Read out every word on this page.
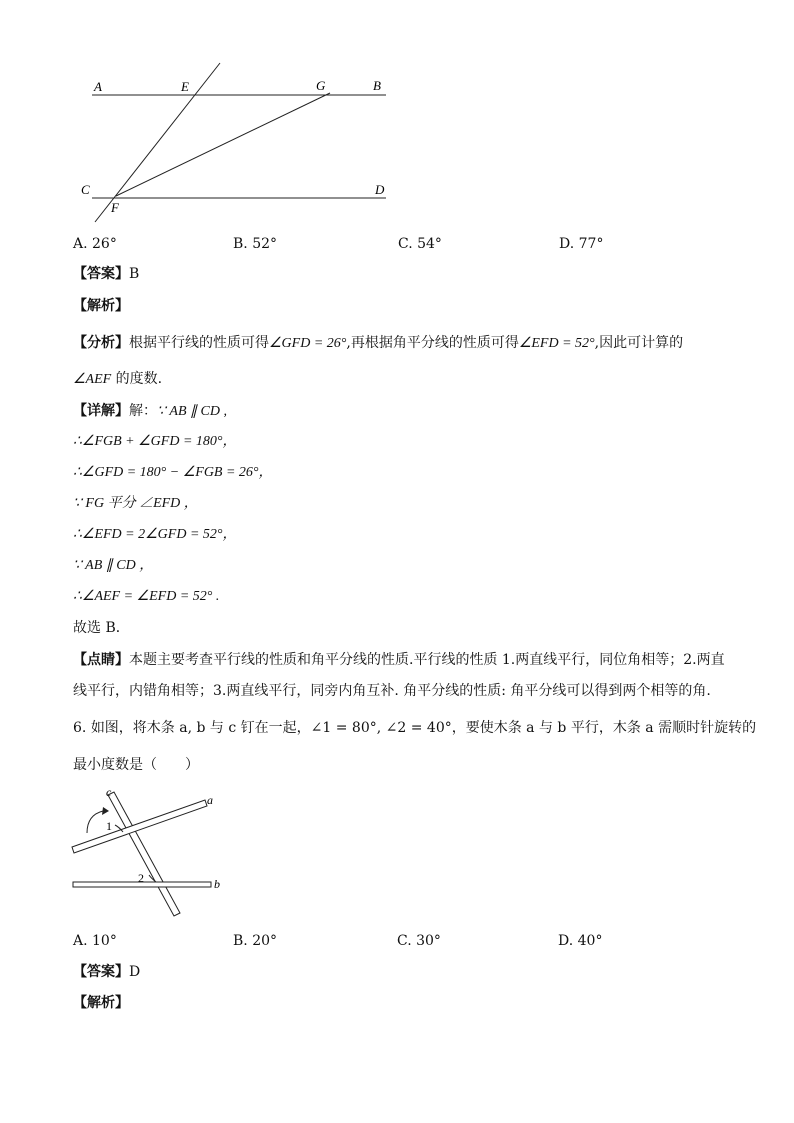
A	E	G	B
C	D
F
A. 26°	B. 52°	C. 54°	D. 77°
【答案】B
【解析】
【分析】根据平行线的性质可得∠GFD = 26°,再根据角平分线的性质可得∠EFD = 52°,因此可计算的
∠AEF 的度数.
【详解】解：∵ AB ∥ CD ,
∴∠FGB + ∠GFD = 180°，
∴∠GFD = 180° − ∠FGB = 26°，
∵ FG 平分 ∠EFD ，
∴∠EFD = 2∠GFD = 52°，
∵ AB ∥ CD ，
∴∠AEF = ∠EFD = 52° .
故选 B．
【点睛】本题主要考查平行线的性质和角平分线的性质.平行线的性质 1.两直线平行，同位角相等；2.两直
线平行，内错角相等；3.两直线平行，同旁内角互补. 角平分线的性质: 角平分线可以得到两个相等的角.
6. 如图，将木条 a, b 与 c 钉在一起，∠1 = 80°, ∠2 = 40°，要使木条 a 与 b 平行，木条 a 需顺时针旋转的
最小度数是（　　）
c
a
b
1
2
A. 10°	B. 20°	C. 30°	D. 40°
【答案】D
【解析】
